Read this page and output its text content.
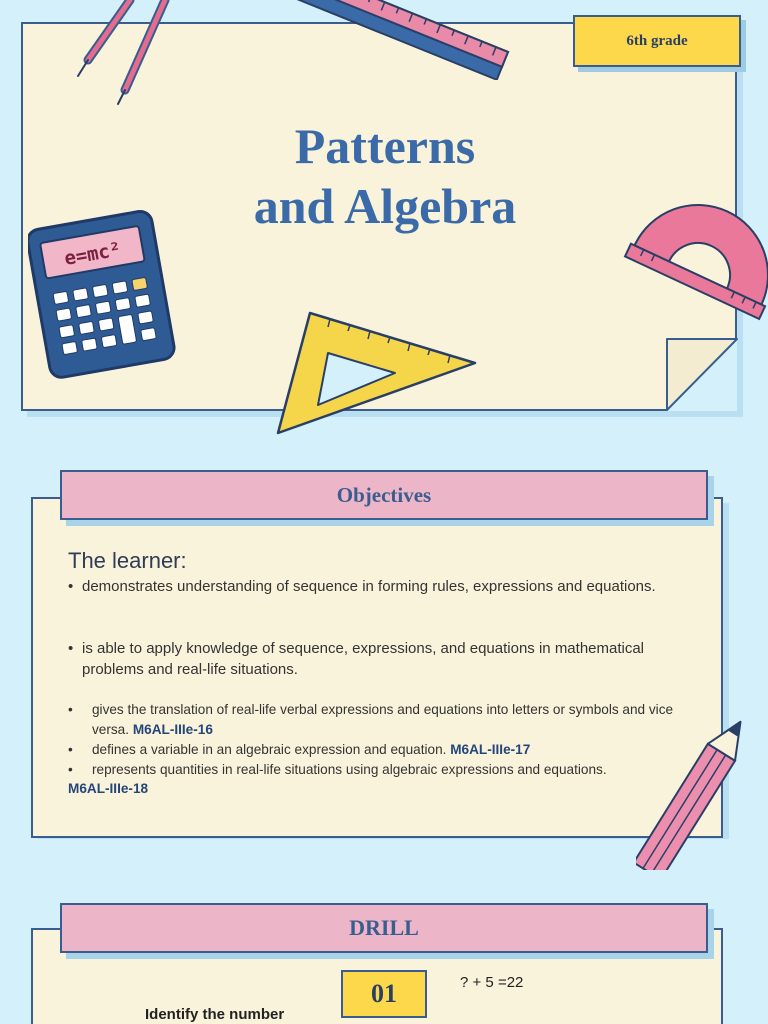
6th grade
Patterns
and Algebra
e=mc²
Objectives
The learner:
• demonstrates understanding of sequence in forming rules, expressions and equations.
• is able to apply knowledge of sequence, expressions, and equations in mathematical problems and real-life situations.
• gives the translation of real-life verbal expressions and equations into letters or symbols and vice versa. M6AL-IIIe-16
• defines a variable in an algebraic expression and equation. M6AL-IIIe-17
• represents quantities in real-life situations using algebraic expressions and equations.
M6AL-IIIe-18
DRILL
01	? + 5 =22
Identify the number
